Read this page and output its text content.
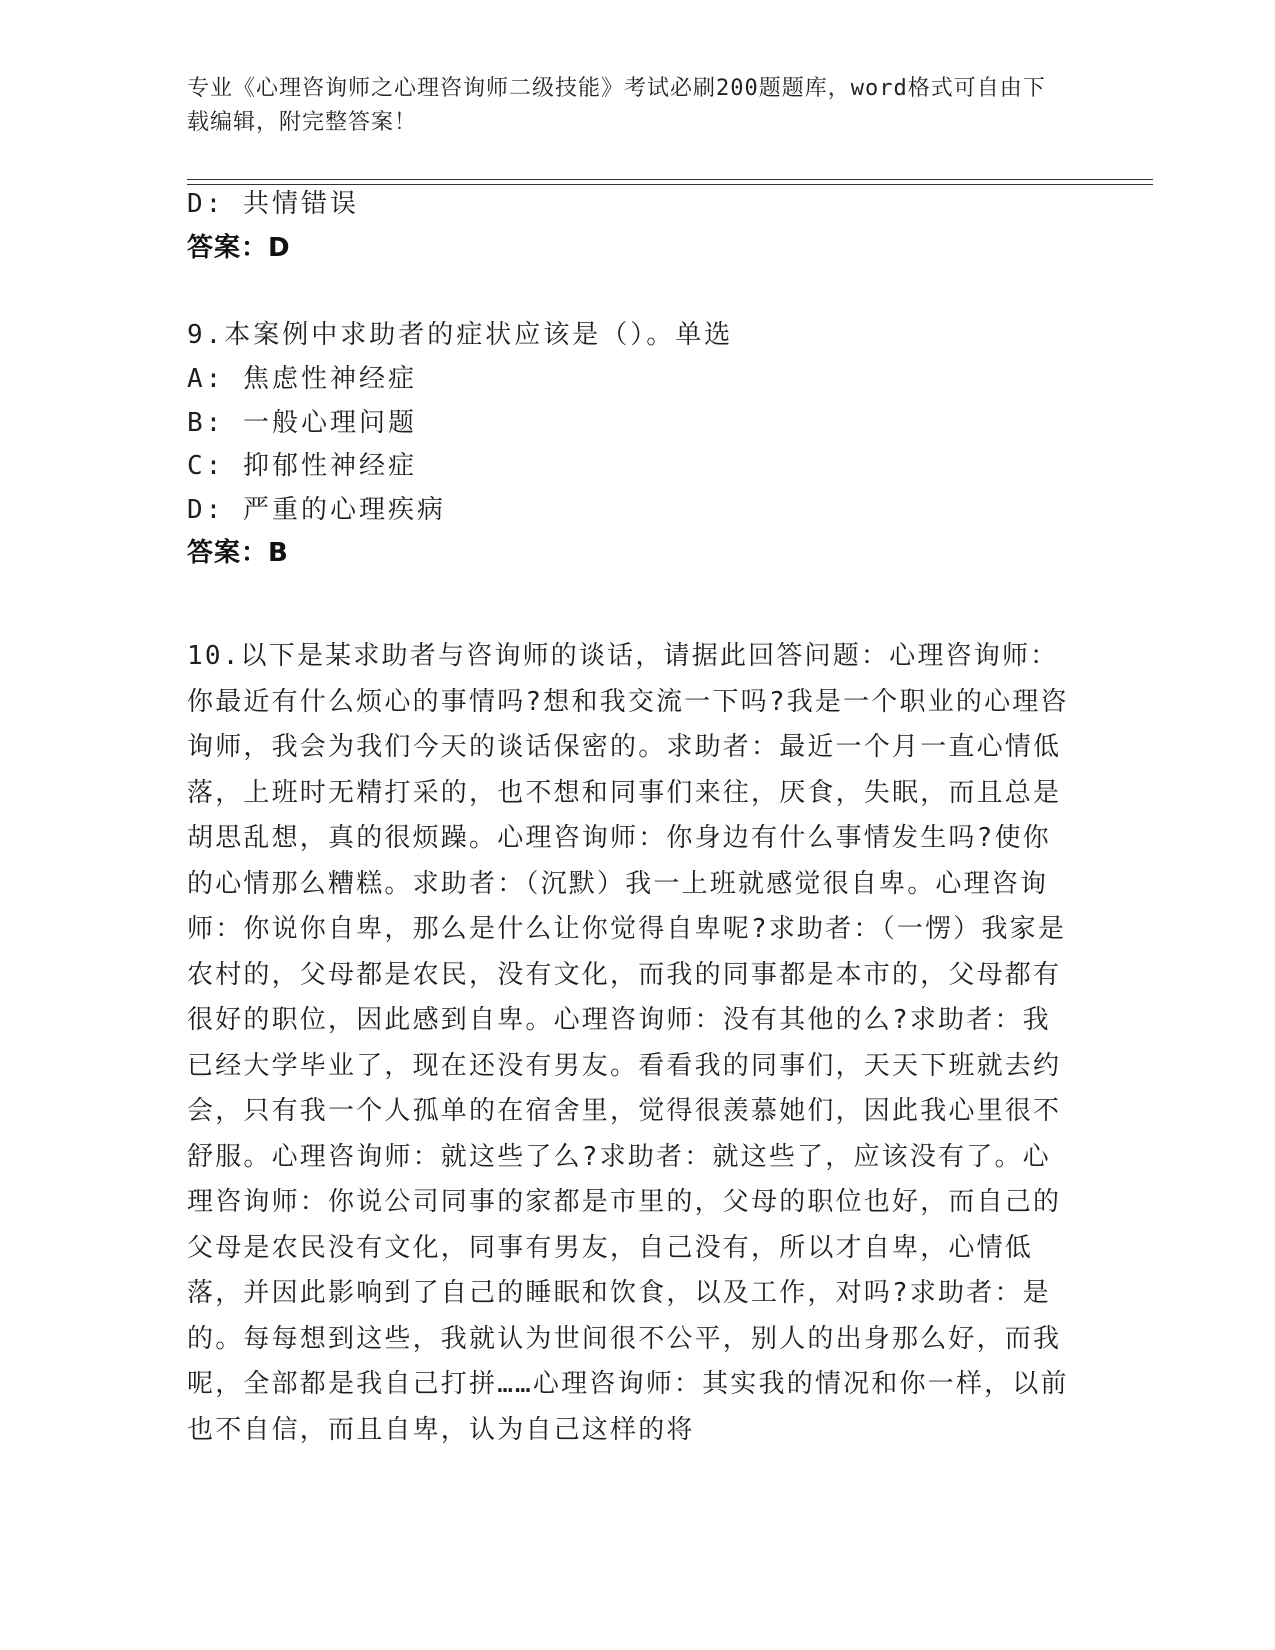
专业《心理咨询师之心理咨询师二级技能》考试必刷200题题库，word格式可自由下载编辑，附完整答案！
D: 共情错误
答案：D
9.本案例中求助者的症状应该是（）。单选
A: 焦虑性神经症
B: 一般心理问题
C: 抑郁性神经症
D: 严重的心理疾病
答案：B
10.以下是某求助者与咨询师的谈话，请据此回答问题：心理咨询师：你最近有什么烦心的事情吗?想和我交流一下吗?我是一个职业的心理咨询师，我会为我们今天的谈话保密的。求助者：最近一个月一直心情低落，上班时无精打采的，也不想和同事们来往，厌食，失眠，而且总是胡思乱想，真的很烦躁。心理咨询师：你身边有什么事情发生吗?使你的心情那么糟糕。求助者：（沉默）我一上班就感觉很自卑。心理咨询师：你说你自卑，那么是什么让你觉得自卑呢?求助者：（一愣）我家是农村的，父母都是农民，没有文化，而我的同事都是本市的，父母都有很好的职位，因此感到自卑。心理咨询师：没有其他的么?求助者：我已经大学毕业了，现在还没有男友。看看我的同事们，天天下班就去约会，只有我一个人孤单的在宿舍里，觉得很羡慕她们，因此我心里很不舒服。心理咨询师：就这些了么?求助者：就这些了，应该没有了。心理咨询师：你说公司同事的家都是市里的，父母的职位也好，而自己的父母是农民没有文化，同事有男友，自己没有，所以才自卑，心情低落，并因此影响到了自己的睡眠和饮食，以及工作，对吗?求助者：是的。每每想到这些，我就认为世间很不公平，别人的出身那么好，而我呢，全部都是我自己打拼……心理咨询师：其实我的情况和你一样，以前也不自信，而且自卑，认为自己这样的将
